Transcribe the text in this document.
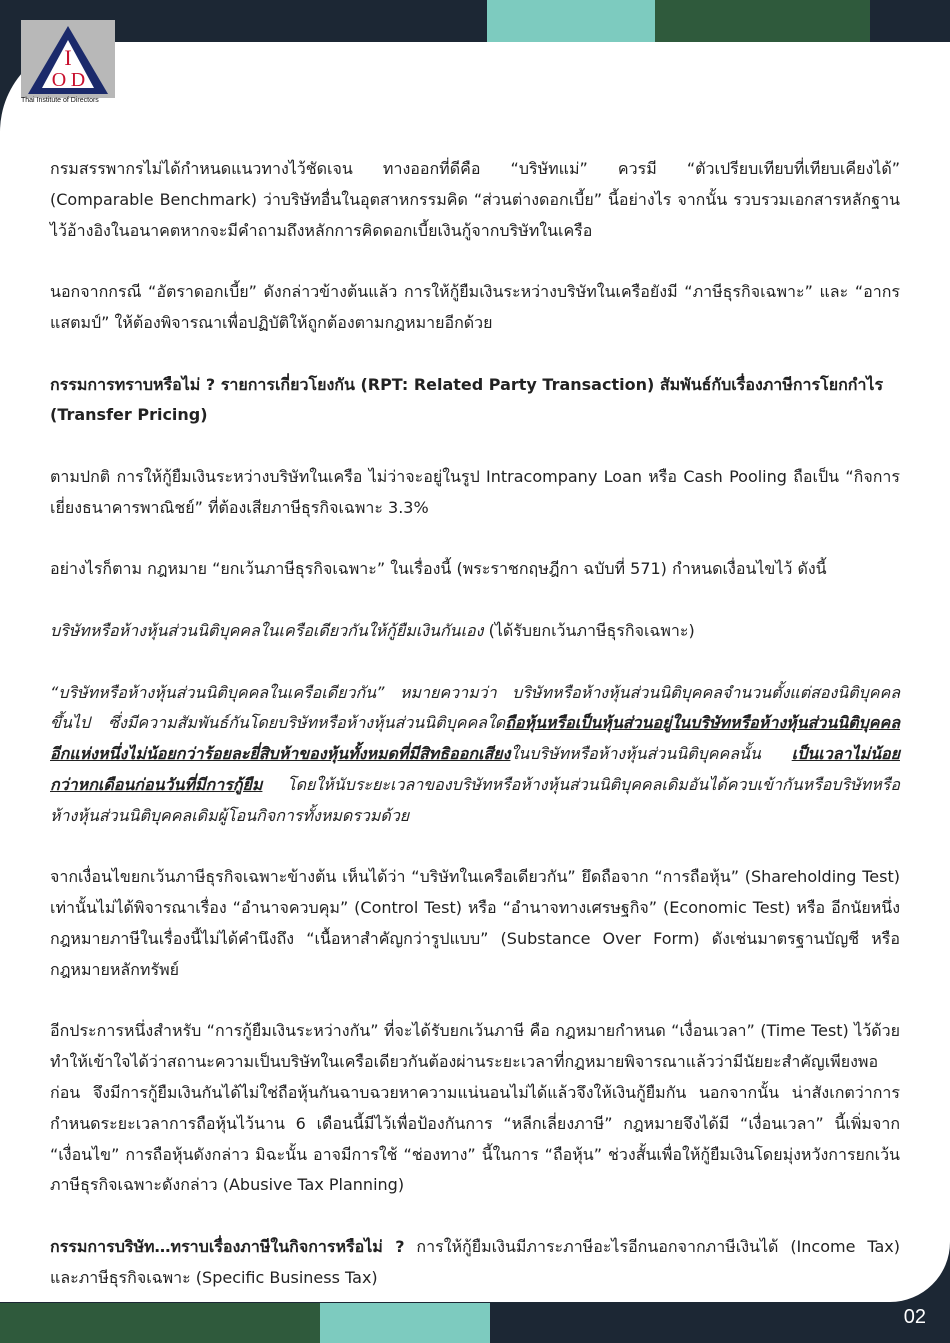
I
O D
Thai Institute of Directors

กรมสรรพากรไม่ได้กำหนดแนวทางไว้ชัดเจน ทางออกที่ดีคือ “บริษัทแม่” ควรมี “ตัวเปรียบเทียบที่เทียบเคียงได้” (Comparable Benchmark) ว่าบริษัทอื่นในอุตสาหกรรมคิด “ส่วนต่างดอกเบี้ย” นี้อย่างไร จากนั้น รวบรวมเอกสารหลักฐานไว้อ้างอิงในอนาคตหากจะมีคำถามถึงหลักการคิดดอกเบี้ยเงินกู้จากบริษัทในเครือ

นอกจากกรณี “อัตราดอกเบี้ย” ดังกล่าวข้างต้นแล้ว การให้กู้ยืมเงินระหว่างบริษัทในเครือยังมี “ภาษีธุรกิจเฉพาะ” และ “อากรแสตมป์” ให้ต้องพิจารณาเพื่อปฏิบัติให้ถูกต้องตามกฎหมายอีกด้วย

กรรมการทราบหรือไม่ ? รายการเกี่ยวโยงกัน (RPT: Related Party Transaction) สัมพันธ์กับเรื่องภาษีการโยกกำไร (Transfer Pricing)

ตามปกติ การให้กู้ยืมเงินระหว่างบริษัทในเครือ ไม่ว่าจะอยู่ในรูป Intracompany Loan หรือ Cash Pooling ถือเป็น “กิจการเยี่ยงธนาคารพาณิชย์” ที่ต้องเสียภาษีธุรกิจเฉพาะ 3.3%

อย่างไรก็ตาม กฎหมาย “ยกเว้นภาษีธุรกิจเฉพาะ” ในเรื่องนี้ (พระราชกฤษฎีกา ฉบับที่ 571) กำหนดเงื่อนไขไว้ ดังนี้

บริษัทหรือห้างหุ้นส่วนนิติบุคคลในเครือเดียวกันให้กู้ยืมเงินกันเอง (ได้รับยกเว้นภาษีธุรกิจเฉพาะ)

“บริษัทหรือห้างหุ้นส่วนนิติบุคคลในเครือเดียวกัน” หมายความว่า บริษัทหรือห้างหุ้นส่วนนิติบุคคลจำนวนตั้งแต่สองนิติบุคคลขึ้นไป ซึ่งมีความสัมพันธ์กันโดยบริษัทหรือห้างหุ้นส่วนนิติบุคคลใดถือหุ้นหรือเป็นหุ้นส่วนอยู่ในบริษัทหรือห้างหุ้นส่วนนิติบุคคลอีกแห่งหนึ่งไม่น้อยกว่าร้อยละยี่สิบห้าของหุ้นทั้งหมดที่มีสิทธิออกเสียงในบริษัทหรือห้างหุ้นส่วนนิติบุคคลนั้น เป็นเวลาไม่น้อยกว่าหกเดือนก่อนวันที่มีการกู้ยืม โดยให้นับระยะเวลาของบริษัทหรือห้างหุ้นส่วนนิติบุคคลเดิมอันได้ควบเข้ากันหรือบริษัทหรือห้างหุ้นส่วนนิติบุคคลเดิมผู้โอนกิจการทั้งหมดรวมด้วย

จากเงื่อนไขยกเว้นภาษีธุรกิจเฉพาะข้างต้น เห็นได้ว่า “บริษัทในเครือเดียวกัน” ยึดถือจาก “การถือหุ้น” (Shareholding Test) เท่านั้นไม่ได้พิจารณาเรื่อง “อำนาจควบคุม” (Control Test) หรือ “อำนาจทางเศรษฐกิจ” (Economic Test) หรือ อีกนัยหนึ่ง กฎหมายภาษีในเรื่องนี้ไม่ได้คำนึงถึง “เนื้อหาสำคัญกว่ารูปแบบ” (Substance Over Form) ดังเช่นมาตรฐานบัญชี หรือ กฎหมายหลักทรัพย์

อีกประการหนึ่งสำหรับ “การกู้ยืมเงินระหว่างกัน” ที่จะได้รับยกเว้นภาษี คือ กฎหมายกำหนด “เงื่อนเวลา” (Time Test) ไว้ด้วย ทำให้เข้าใจได้ว่าสถานะความเป็นบริษัทในเครือเดียวกันต้องผ่านระยะเวลาที่กฎหมายพิจารณาแล้วว่ามีนัยยะสำคัญเพียงพอก่อน จึงมีการกู้ยืมเงินกันได้ไม่ใช่ถือหุ้นกันฉาบฉวยหาความแน่นอนไม่ได้แล้วจึงให้เงินกู้ยืมกัน นอกจากนั้น น่าสังเกตว่าการกำหนดระยะเวลาการถือหุ้นไว้นาน 6 เดือนนี้มีไว้เพื่อป้องกันการ “หลีกเลี่ยงภาษี” กฎหมายจึงได้มี “เงื่อนเวลา” นี้เพิ่มจาก “เงื่อนไข” การถือหุ้นดังกล่าว มิฉะนั้น อาจมีการใช้ “ช่องทาง” นี้ในการ “ถือหุ้น” ช่วงสั้นเพื่อให้กู้ยืมเงินโดยมุ่งหวังการยกเว้นภาษีธุรกิจเฉพาะดังกล่าว (Abusive Tax Planning)

กรรมการบริษัท…ทราบเรื่องภาษีในกิจการหรือไม่ ? การให้กู้ยืมเงินมีภาระภาษีอะไรอีกนอกจากภาษีเงินได้ (Income Tax) และภาษีธุรกิจเฉพาะ (Specific Business Tax)

02
